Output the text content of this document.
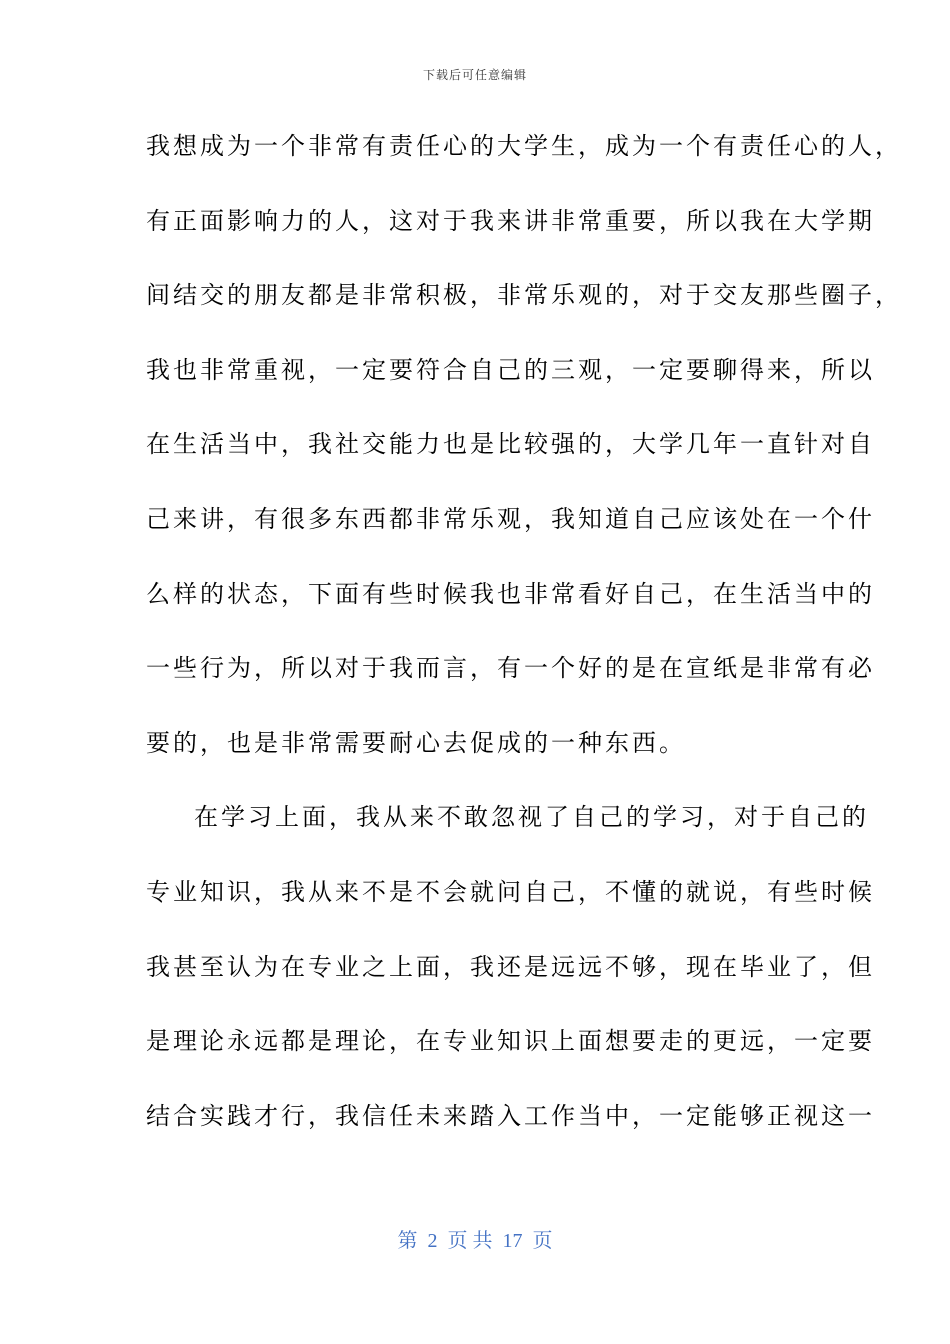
下载后可任意编辑
我想成为一个非常有责任心的大学生，成为一个有责任心的人，
有正面影响力的人，这对于我来讲非常重要，所以我在大学期
间结交的朋友都是非常积极，非常乐观的，对于交友那些圈子，
我也非常重视，一定要符合自己的三观，一定要聊得来，所以
在生活当中，我社交能力也是比较强的，大学几年一直针对自
己来讲，有很多东西都非常乐观，我知道自己应该处在一个什
么样的状态，下面有些时候我也非常看好自己，在生活当中的
一些行为，所以对于我而言，有一个好的是在宣纸是非常有必
要的，也是非常需要耐心去促成的一种东西。
在学习上面，我从来不敢忽视了自己的学习，对于自己的
专业知识，我从来不是不会就问自己，不懂的就说，有些时候
我甚至认为在专业之上面，我还是远远不够，现在毕业了，但
是理论永远都是理论，在专业知识上面想要走的更远，一定要
结合实践才行，我信任未来踏入工作当中，一定能够正视这一
第 2 页 共 17 页
